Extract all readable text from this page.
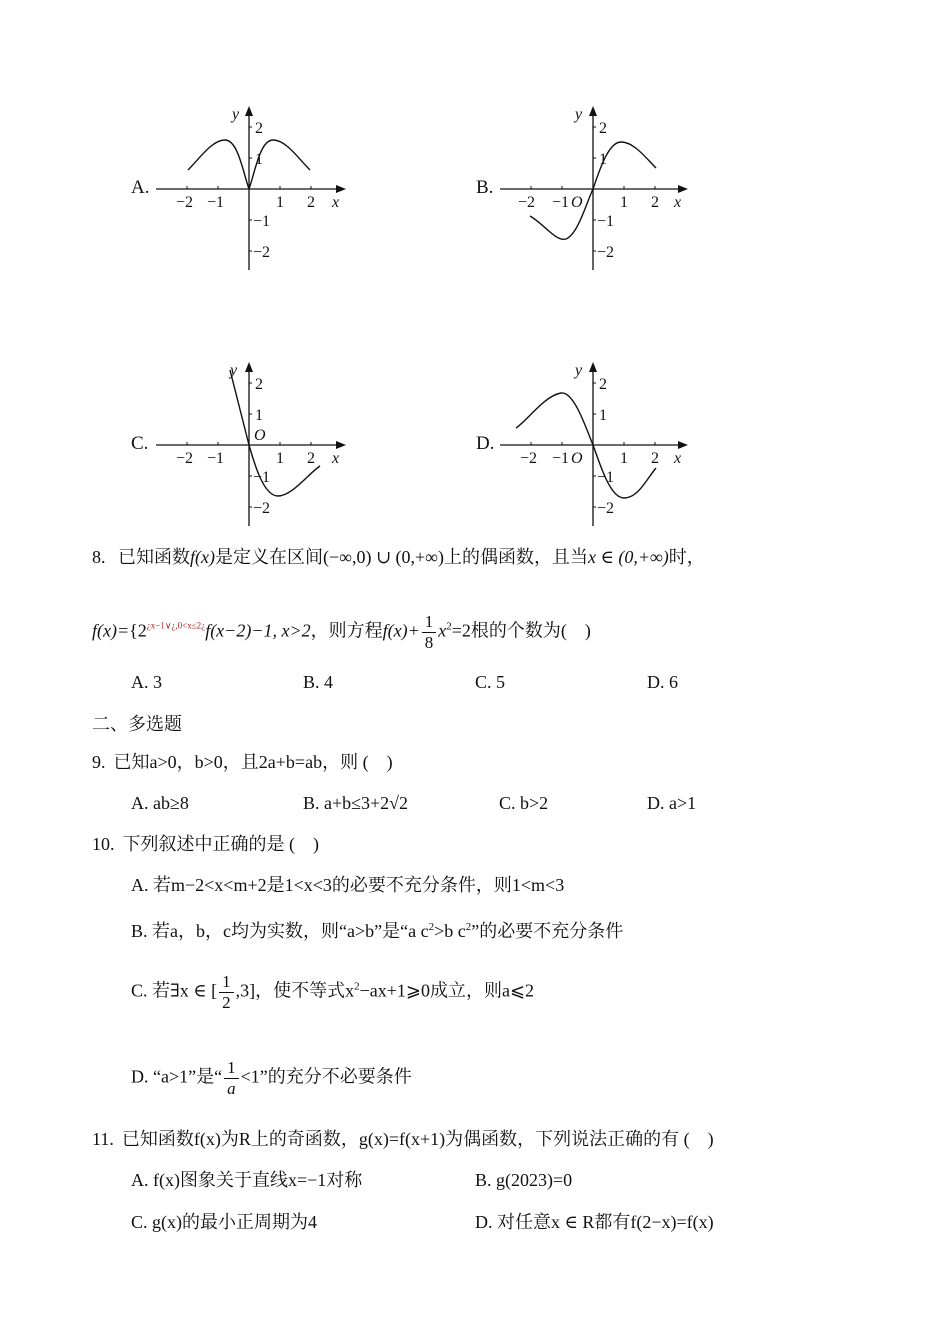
A.
y
x
−2 −1	1 2
2
1
−1
−2
B.
y
x
−2 −1 O 1 2
2
1
−1
−2
C.
y
x
−2 −1
O
1 2
2
1
−1
−2
D.
y
x
−2 −1 O 1 2
2
1
−1
−2
8. 已知函数f(x)是定义在区间(−∞,0) ∪ (0,+∞)上的偶函数，且当x ∈ (0,+∞)时，
$f(x)=\{2^{¿x-1\vee¿,0<x\le 2¿}f(x-2)-1$, x>2，则方程$f(x)+ \frac{1}{8} x^2=2$根的个数为(　)
A. 3	B. 4	C. 5	D. 6
二、多选题
9. 已知a>0，b>0，且2a+b=ab，则 (　)
A. ab≥8	B. a+b≤3+2√2	C. b>2	D. a>1
10. 下列叙述中正确的是 (　)
A. 若m−2<x<m+2是1<x<3的必要不充分条件，则1<m<3
B. 若a，b，c均为实数，则“a>b”是“a $c^2>b$ $c^2$”的必要不充分条件
C. 若∃x ∈ [ $\frac{1}{2} ,3$]，使不等式$x^2-ax+1⩾0$成立，则a⩽2
D. “a>1”是“ $\frac{1}{a} <1$”的充分不必要条件
11. 已知函数f(x)为R上的奇函数，g(x)=f(x+1)为偶函数，下列说法正确的有 (　)
A. f(x)图象关于直线x=−1对称	B. g(2023)=0
C. g(x)的最小正周期为4	D. 对任意x ∈ R都有f(2−x)=f(x)
